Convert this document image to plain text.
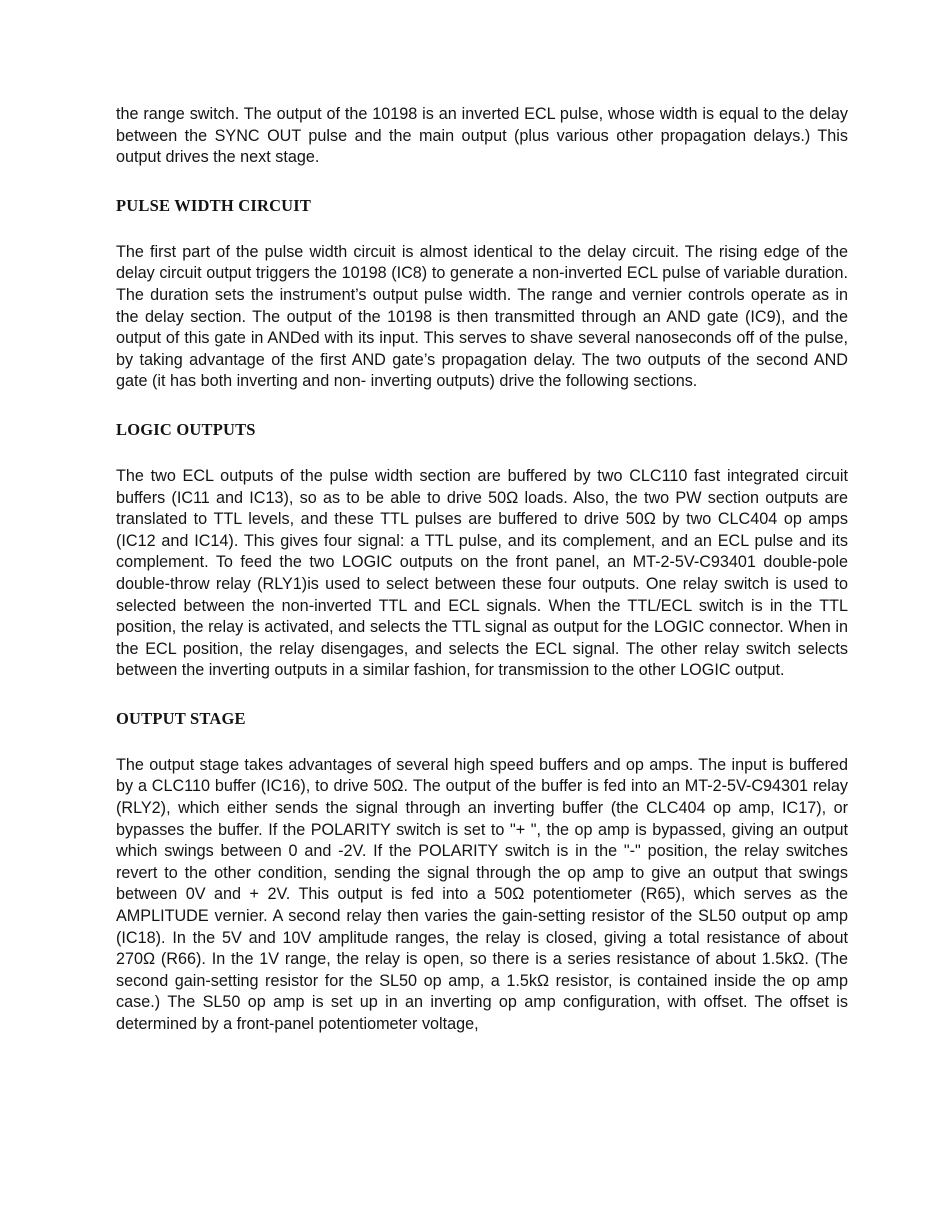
the range switch. The output of the 10198 is an inverted ECL pulse, whose width is equal to the delay between the SYNC OUT pulse and the main output (plus various other propagation delays.) This output drives the next stage.

PULSE WIDTH CIRCUIT

The first part of the pulse width circuit is almost identical to the delay circuit. The rising edge of the delay circuit output triggers the 10198 (IC8) to generate a non-inverted ECL pulse of variable duration. The duration sets the instrument’s output pulse width. The range and vernier controls operate as in the delay section. The output of the 10198 is then transmitted through an AND gate (IC9), and the output of this gate in ANDed with its input. This serves to shave several nanoseconds off of the pulse, by taking advantage of the first AND gate’s propagation delay. The two outputs of the second AND gate (it has both inverting and non- inverting outputs) drive the following sections.

LOGIC OUTPUTS

The two ECL outputs of the pulse width section are buffered by two CLC110 fast integrated circuit buffers (IC11 and IC13), so as to be able to drive 50Ω loads. Also, the two PW section outputs are translated to TTL levels, and these TTL pulses are buffered to drive 50Ω by two CLC404 op amps (IC12 and IC14). This gives four signal: a TTL pulse, and its complement, and an ECL pulse and its complement. To feed the two LOGIC outputs on the front panel, an MT-2-5V-C93401 double-pole double-throw relay (RLY1)is used to select between these four outputs. One relay switch is used to selected between the non-inverted TTL and ECL signals. When the TTL/ECL switch is in the TTL position, the relay is activated, and selects the TTL signal as output for the LOGIC connector. When in the ECL position, the relay disengages, and selects the ECL signal. The other relay switch selects between the inverting outputs in a similar fashion, for transmission to the other LOGIC output.

OUTPUT STAGE

The output stage takes advantages of several high speed buffers and op amps. The input is buffered by a CLC110 buffer (IC16), to drive 50Ω. The output of the buffer is fed into an MT-2-5V-C94301 relay (RLY2), which either sends the signal through an inverting buffer (the CLC404 op amp, IC17), or bypasses the buffer. If the POLARITY switch is set to "+ ", the op amp is bypassed, giving an output which swings between 0 and -2V. If the POLARITY switch is in the "-" position, the relay switches revert to the other condition, sending the signal through the op amp to give an output that swings between 0V and + 2V. This output is fed into a 50Ω potentiometer (R65), which serves as the AMPLITUDE vernier. A second relay then varies the gain-setting resistor of the SL50 output op amp (IC18). In the 5V and 10V amplitude ranges, the relay is closed, giving a total resistance of about 270Ω (R66). In the 1V range, the relay is open, so there is a series resistance of about 1.5kΩ. (The second gain-setting resistor for the SL50 op amp, a 1.5kΩ resistor, is contained inside the op amp case.) The SL50 op amp is set up in an inverting op amp configuration, with offset. The offset is determined by a front-panel potentiometer voltage,
